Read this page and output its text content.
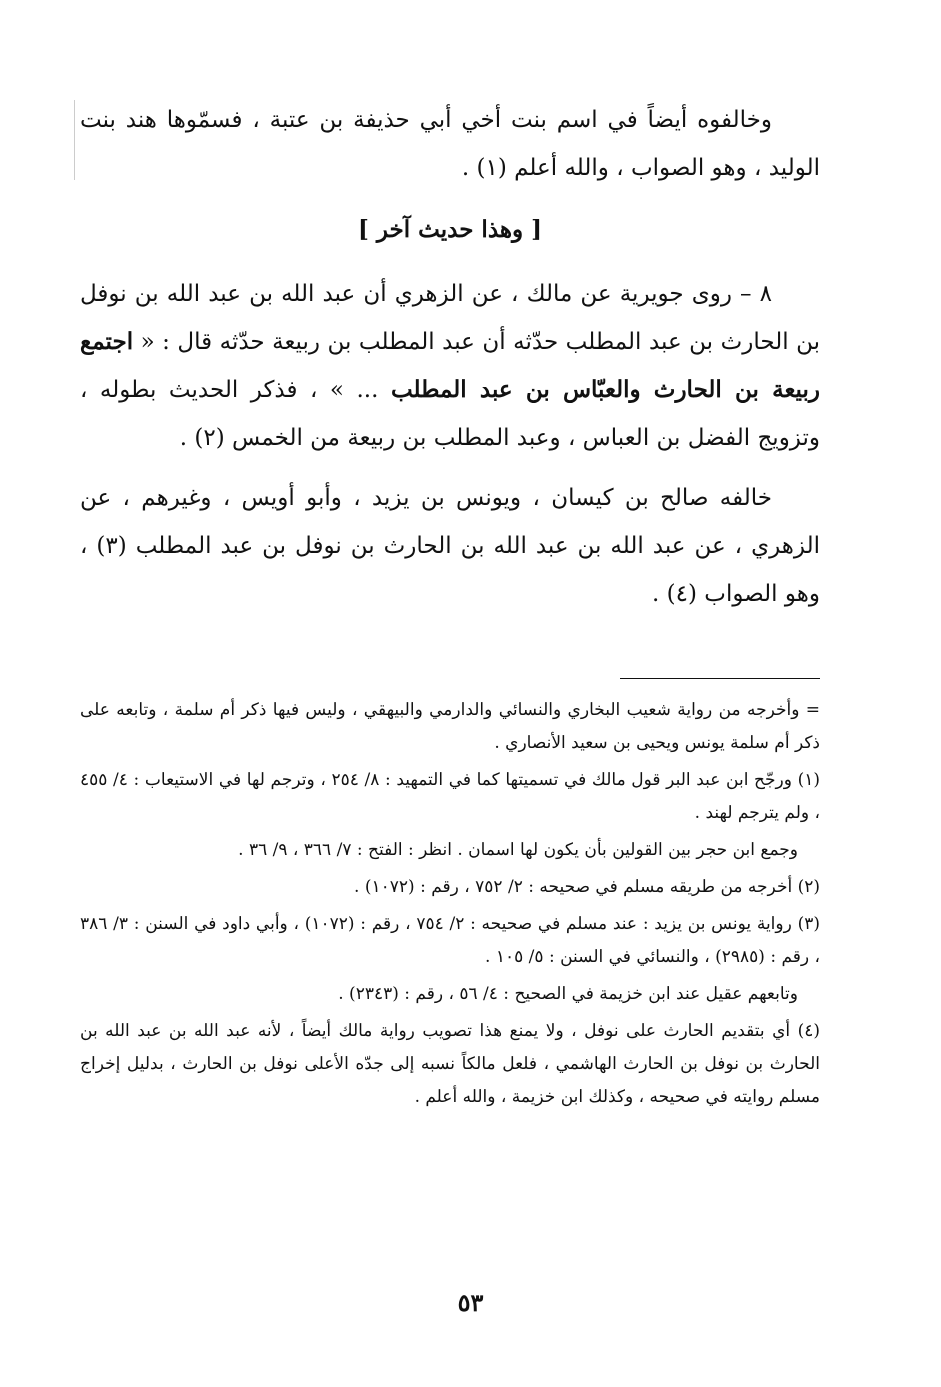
وخالفوه أيضاً في اسم بنت أخي أبي حذيفة بن عتبة ، فسمّوها هند بنت الوليد ، وهو الصواب ، والله أعلم (١) .

[ وهذا حديث آخر ]

٨ – روى جويرية عن مالك ، عن الزهري أن عبد الله بن عبد الله بن نوفل بن الحارث بن عبد المطلب حدّثه أن عبد المطلب بن ربيعة حدّثه قال : « اجتمع ربيعة بن الحارث والعبّاس بن عبد المطلب ... » ، فذكر الحديث بطوله ، وتزويج الفضل بن العباس ، وعبد المطلب بن ربيعة من الخمس (٢) .

خالفه صالح بن كيسان ، ويونس بن يزيد ، وأبو أويس ، وغيرهم ، عن الزهري ، عن عبد الله بن عبد الله بن الحارث بن نوفل بن عبد المطلب (٣) ، وهو الصواب (٤) .

= وأخرجه من رواية شعيب البخاري والنسائي والدارمي والبيهقي ، وليس فيها ذكر أم سلمة ، وتابعه على ذكر أم سلمة يونس ويحيى بن سعيد الأنصاري .

(١) ورجّح ابن عبد البر قول مالك في تسميتها كما في التمهيد : ٨/ ٢٥٤ ، وترجم لها في الاستيعاب : ٤/ ٤٥٥ ، ولم يترجم لهند .

وجمع ابن حجر بين القولين بأن يكون لها اسمان . انظر : الفتح : ٧/ ٣٦٦ ، ٩/ ٣٦ .

(٢) أخرجه من طريقه مسلم في صحيحه : ٢/ ٧٥٢ ، رقم : (١٠٧٢) .

(٣) رواية يونس بن يزيد : عند مسلم في صحيحه : ٢/ ٧٥٤ ، رقم : (١٠٧٢) ، وأبي داود في السنن : ٣/ ٣٨٦ ، رقم : (٢٩٨٥) ، والنسائي في السنن : ٥/ ١٠٥ .

وتابعهم عقيل عند ابن خزيمة في الصحيح : ٤/ ٥٦ ، رقم : (٢٣٤٣) .

(٤) أي بتقديم الحارث على نوفل ، ولا يمنع هذا تصويب رواية مالك أيضاً ، لأنه عبد الله بن عبد الله بن الحارث بن نوفل بن الحارث الهاشمي ، فلعل مالكاً نسبه إلى جدّه الأعلى نوفل بن الحارث ، بدليل إخراج مسلم روايته في صحيحه ، وكذلك ابن خزيمة ، والله أعلم .

٥٣
